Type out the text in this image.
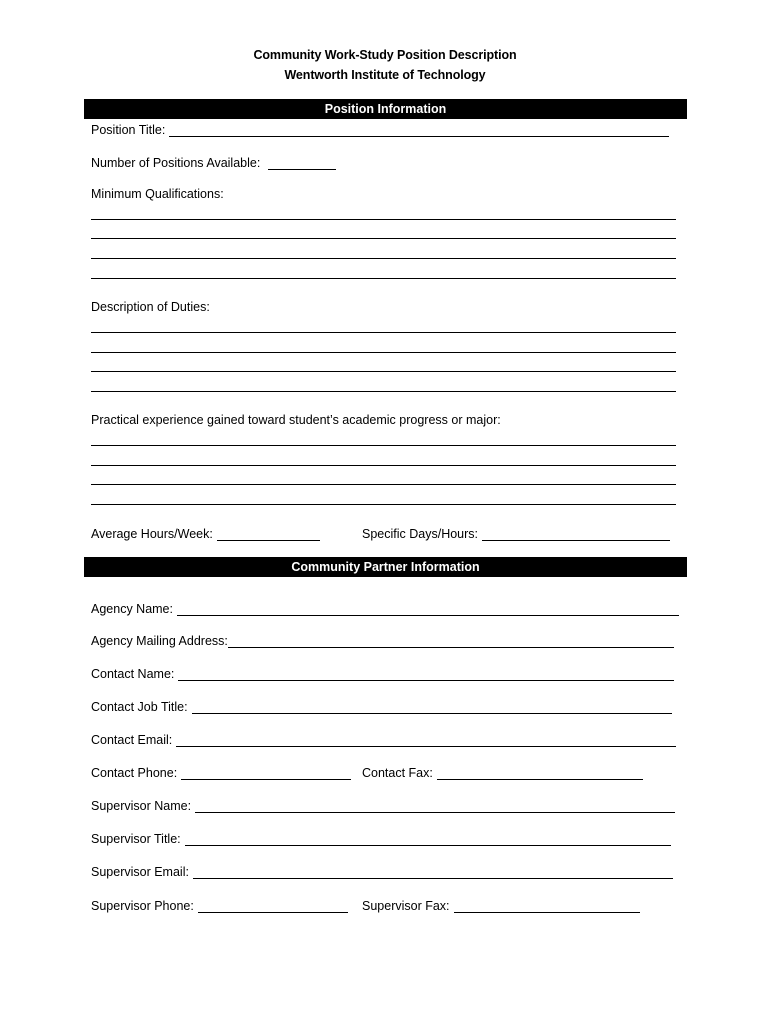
Community Work-Study Position Description
Wentworth Institute of Technology
Position Information
Position Title:
Number of Positions Available:
Minimum Qualifications:
Description of Duties:
Practical experience gained toward student’s academic progress or major:
Average Hours/Week:	Specific Days/Hours:
Community Partner Information
Agency Name:
Agency Mailing Address:
Contact Name:
Contact Job Title:
Contact Email:
Contact Phone:	Contact Fax:
Supervisor Name:
Supervisor Title:
Supervisor Email:
Supervisor Phone:	Supervisor Fax:
